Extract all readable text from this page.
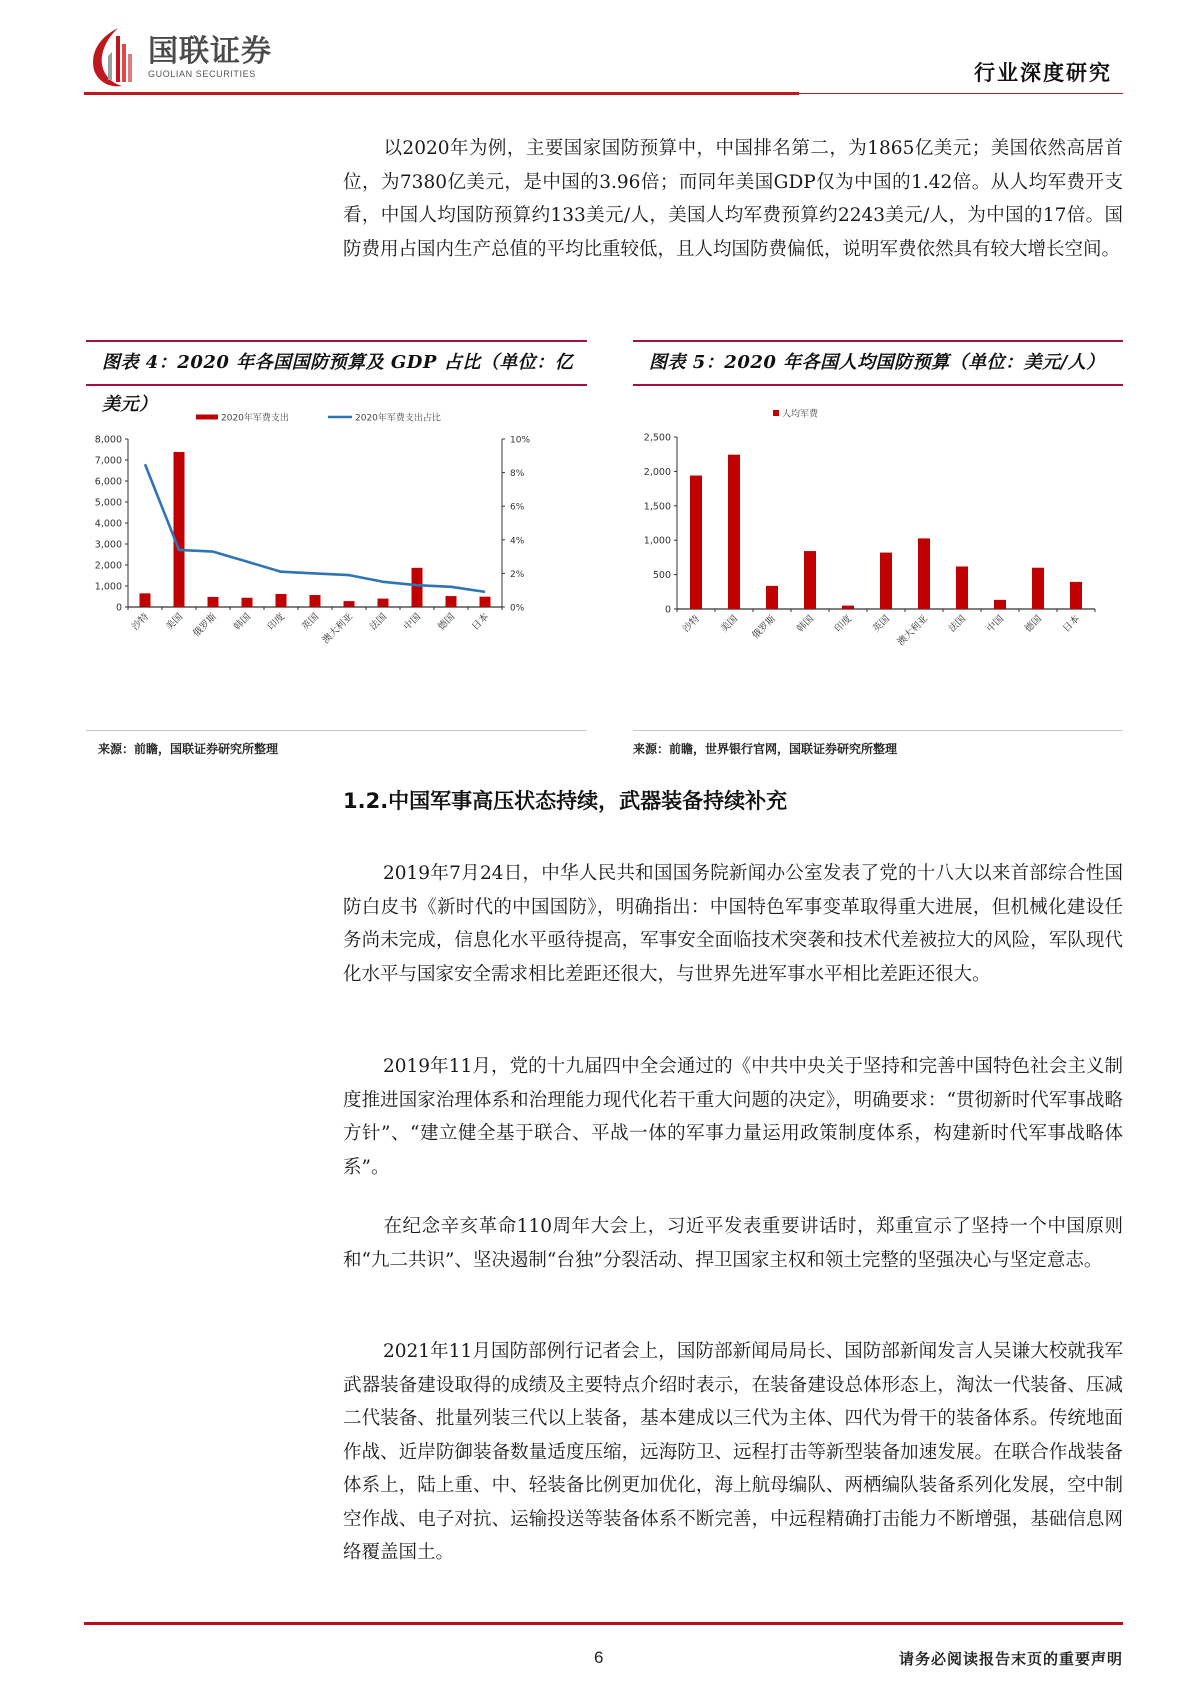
国联证券
GUOLIAN SECURITIES	行业深度研究

以2020年为例，主要国家国防预算中，中国排名第二，为1865亿美元；美国依然高居首位，为7380亿美元，是中国的3.96倍；而同年美国GDP仅为中国的1.42倍。从人均军费开支看，中国人均国防预算约133美元/人，美国人均军费预算约2243美元/人，为中国的17倍。国防费用占国内生产总值的平均比重较低，且人均国防费偏低，说明军费依然具有较大增长空间。

图表 4：2020 年各国国防预算及 GDP 占比（单位：亿美元）
2020年军费支出	2020年军费支出占比
0
1,000
2,000
3,000
4,000
5,000
6,000
7,000
8,000
0%
2%
4%
6%
8%
10%
沙特 美国 俄罗斯 韩国 印度 英国 澳大利亚 法国 中国 德国 日本
来源：前瞻，国联证券研究所整理
图表 5：2020 年各国人均国防预算（单位：美元/人）
人均军费
0
500
1,000
1,500
2,000
2,500
沙特 美国 俄罗斯 韩国 印度 英国 澳大利亚 法国 中国 德国 日本
来源：前瞻，世界银行官网，国联证券研究所整理
1.2.中国军事高压状态持续，武器装备持续补充

2019年7月24日，中华人民共和国国务院新闻办公室发表了党的十八大以来首部综合性国防白皮书《新时代的中国国防》，明确指出：中国特色军事变革取得重大进展，但机械化建设任务尚未完成，信息化水平亟待提高，军事安全面临技术突袭和技术代差被拉大的风险，军队现代化水平与国家安全需求相比差距还很大，与世界先进军事水平相比差距还很大。

2019年11月，党的十九届四中全会通过的《中共中央关于坚持和完善中国特色社会主义制度推进国家治理体系和治理能力现代化若干重大问题的决定》，明确要求：“贯彻新时代军事战略方针”、“建立健全基于联合、平战一体的军事力量运用政策制度体系，构建新时代军事战略体系”。

在纪念辛亥革命110周年大会上，习近平发表重要讲话时，郑重宣示了坚持一个中国原则和“九二共识”、坚决遏制“台独”分裂活动、捍卫国家主权和领土完整的坚强决心与坚定意志。

2021年11月国防部例行记者会上，国防部新闻局局长、国防部新闻发言人吴谦大校就我军武器装备建设取得的成绩及主要特点介绍时表示，在装备建设总体形态上，淘汰一代装备、压减二代装备、批量列装三代以上装备，基本建成以三代为主体、四代为骨干的装备体系。传统地面作战、近岸防御装备数量适度压缩，远海防卫、远程打击等新型装备加速发展。在联合作战装备体系上，陆上重、中、轻装备比例更加优化，海上航母编队、两栖编队装备系列化发展，空中制空作战、电子对抗、运输投送等装备体系不断完善，中远程精确打击能力不断增强，基础信息网络覆盖国土。

6	请务必阅读报告末页的重要声明
